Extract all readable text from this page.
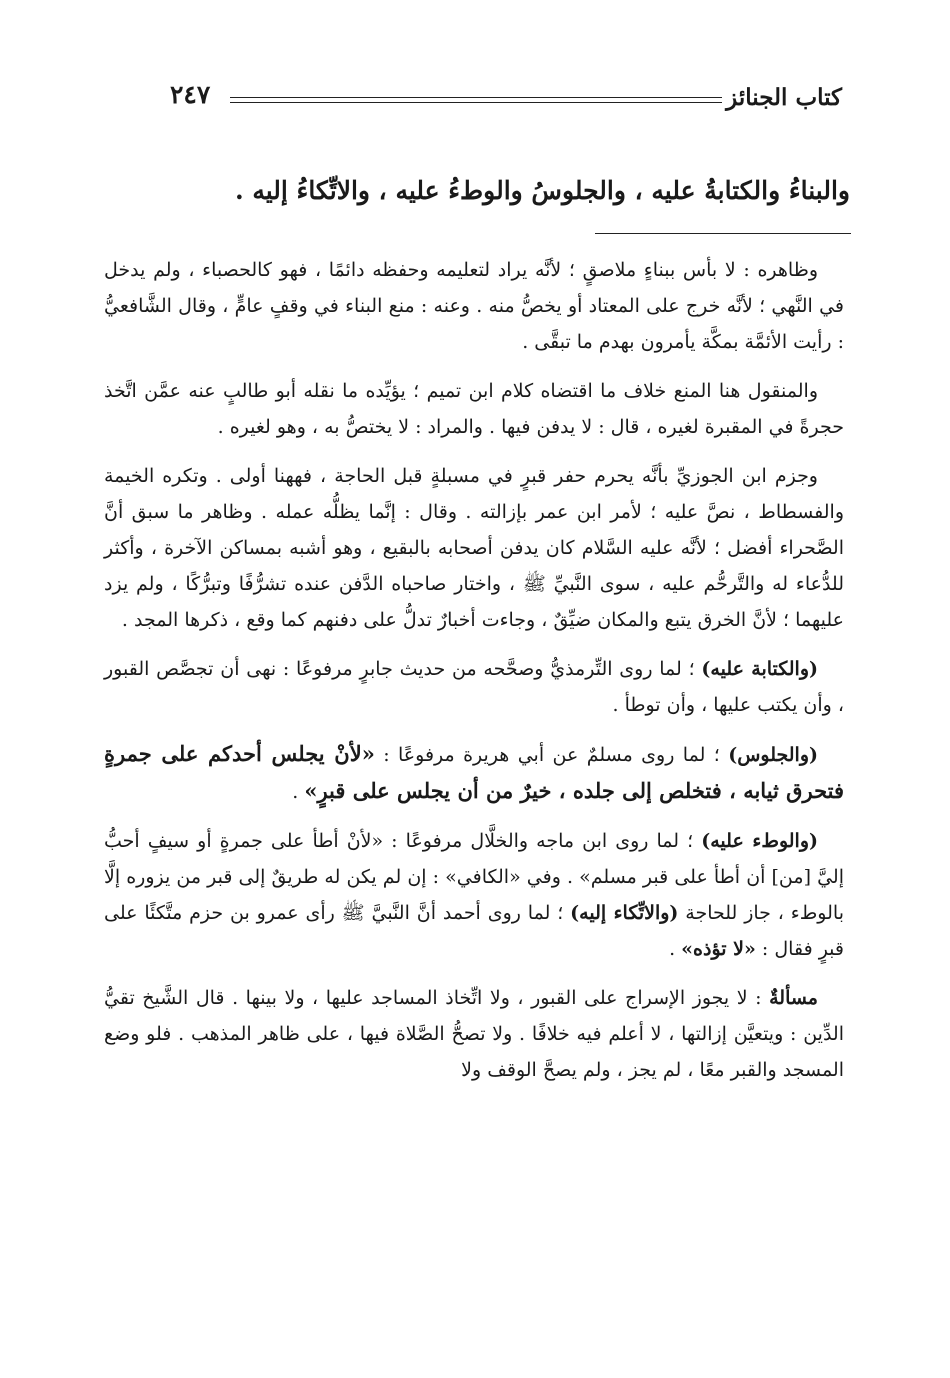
كتاب الجنائز
٢٤٧
والبناءُ والكتابةُ عليه ، والجلوسُ والوطءُ عليه ، والاتِّكاءُ إليه .

وظاهره : لا بأس ببناءٍ ملاصقٍ ؛ لأنَّه يراد لتعليمه وحفظه دائمًا ، فهو كالحصباء ، ولم يدخل في النَّهي ؛ لأنَّه خرج على المعتاد أو يخصُّ منه . وعنه : منع البناء في وقفٍ عامٍّ ، وقال الشَّافعيُّ : رأيت الأئمَّة بمكَّة يأمرون بهدم ما تبقَّى .

والمنقول هنا المنع خلاف ما اقتضاه كلام ابن تميم ؛ يؤيِّده ما نقله أبو طالبٍ عنه عمَّن اتَّخذ حجرةً في المقبرة لغيره ، قال : لا يدفن فيها . والمراد : لا يختصُّ به ، وهو لغيره .

وجزم ابن الجوزيِّ بأنَّه يحرم حفر قبرٍ في مسبلةٍ قبل الحاجة ، فههنا أولى . وتكره الخيمة والفسطاط ، نصَّ عليه ؛ لأمر ابن عمر بإزالته . وقال : إنَّما يظلُّه عمله . وظاهر ما سبق أنَّ الصَّحراء أفضل ؛ لأنَّه عليه السَّلام كان يدفن أصحابه بالبقيع ، وهو أشبه بمساكن الآخرة ، وأكثر للدُّعاء له والتَّرحُّم عليه ، سوى النَّبيِّ ﷺ ، واختار صاحباه الدَّفن عنده تشرُّفًا وتبرُّكًا ، ولم يزد عليهما ؛ لأنَّ الخرق يتبع والمكان ضيِّقٌ ، وجاءت أخبارٌ تدلُّ على دفنهم كما وقع ، ذكرها المجد .

(والكتابة عليه) ؛ لما روى التِّرمذيُّ وصحَّحه من حديث جابرٍ مرفوعًا : نهى أن تجصَّص القبور ، وأن يكتب عليها ، وأن توطأ .

(والجلوس) ؛ لما روى مسلمٌ عن أبي هريرة مرفوعًا : «لأنْ يجلس أحدكم على جمرةٍ فتحرق ثيابه ، فتخلص إلى جلده ، خيرٌ من أن يجلس على قبرٍ» .

(والوطء عليه) ؛ لما روى ابن ماجه والخلَّال مرفوعًا : «لأنْ أطأ على جمرةٍ أو سيفٍ أحبُّ إليَّ [من] أن أطأ على قبر مسلم» . وفي «الكافي» : إن لم يكن له طريقٌ إلى قبر من يزوره إلَّا بالوطء ، جاز للحاجة (والاتِّكاء إليه) ؛ لما روى أحمد أنَّ النَّبيَّ ﷺ رأى عمرو بن حزم متَّكئًا على قبرٍ فقال : «لا تؤذه» .

مسألةٌ : لا يجوز الإسراج على القبور ، ولا اتِّخاذ المساجد عليها ، ولا بينها . قال الشَّيخ تقيُّ الدِّين : ويتعيَّن إزالتها ، لا أعلم فيه خلافًا . ولا تصحُّ الصَّلاة فيها ، على ظاهر المذهب . فلو وضع المسجد والقبر معًا ، لم يجز ، ولم يصحَّ الوقف ولا
